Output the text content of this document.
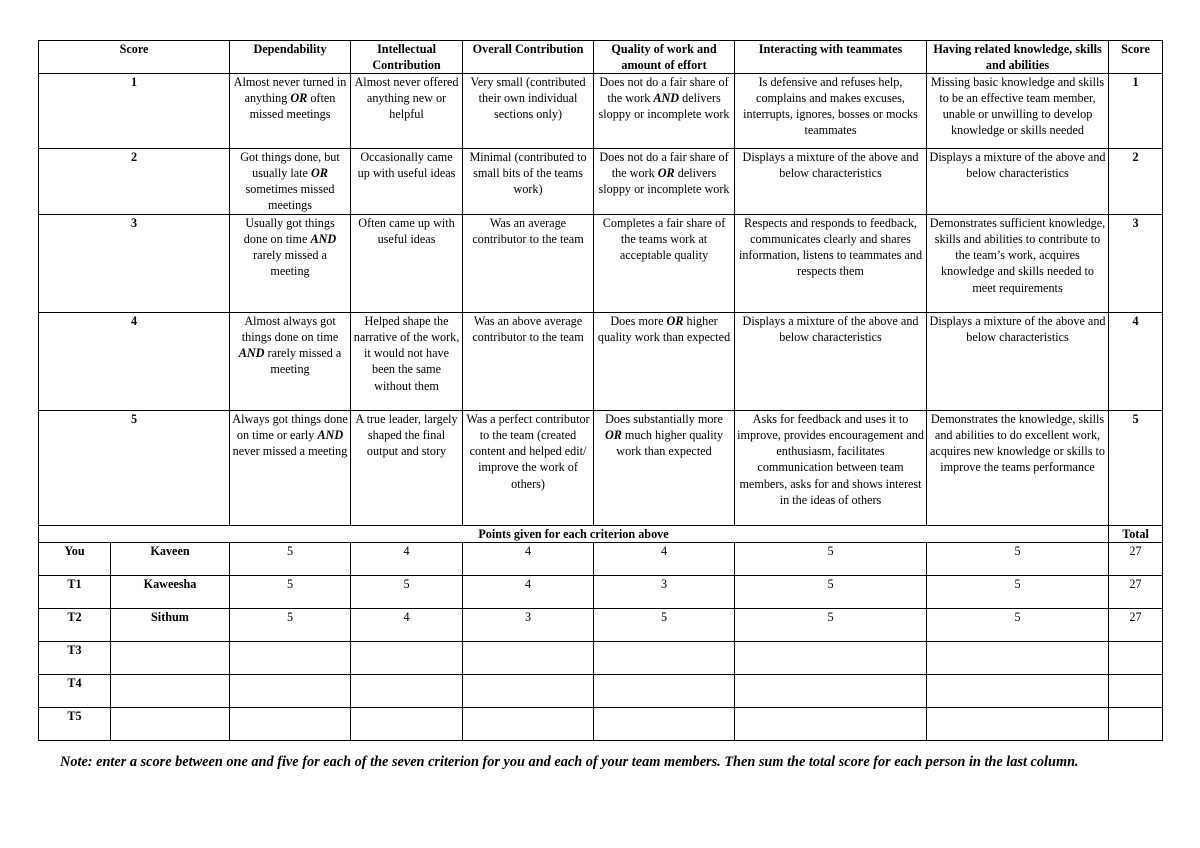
Score		Dependability	Intellectual Contribution	Overall Contribution	Quality of work and amount of effort	Interacting with teammates	Having related knowledge, skills and abilities	Score
1		Almost never turned in anything OR often missed meetings	Almost never offered anything new or helpful	Very small (contributed their own individual sections only)	Does not do a fair share of the work AND delivers sloppy or incomplete work	Is defensive and refuses help, complains and makes excuses, interrupts, ignores, bosses or mocks teammates	Missing basic knowledge and skills to be an effective team member, unable or unwilling to develop knowledge or skills needed	1
2		Got things done, but usually late OR sometimes missed meetings	Occasionally came up with useful ideas	Minimal (contributed to small bits of the teams work)	Does not do a fair share of the work OR delivers sloppy or incomplete work	Displays a mixture of the above and below characteristics	Displays a mixture of the above and below characteristics	2
3		Usually got things done on time AND rarely missed a meeting	Often came up with useful ideas	Was an average contributor to the team	Completes a fair share of the teams work at acceptable quality	Respects and responds to feedback, communicates clearly and shares information, listens to teammates and respects them	Demonstrates sufficient knowledge, skills and abilities to contribute to the team’s work, acquires knowledge and skills needed to meet requirements	3
4		Almost always got things done on time AND rarely missed a meeting	Helped shape the narrative of the work, it would not have been the same without them	Was an above average contributor to the team	Does more OR higher quality work than expected	Displays a mixture of the above and below characteristics	Displays a mixture of the above and below characteristics	4
5		Always got things done on time or early AND never missed a meeting	A true leader, largely shaped the final output and story	Was a perfect contributor to the team (created content and helped edit/ improve the work of others)	Does substantially more OR much higher quality work than expected	Asks for feedback and uses it to improve, provides encouragement and enthusiasm, facilitates communication between team members, asks for and shows interest in the ideas of others	Demonstrates the knowledge, skills and abilities to do excellent work, acquires new knowledge or skills to improve the teams performance	5
Points given for each criterion above								Total
You	Kaveen	5	4	4	4	5	5	27
T1	Kaweesha	5	5	4	3	5	5	27
T2	Sithum	5	4	3	5	5	5	27
T3								
T4								
T5								
Note: enter a score between one and five for each of the seven criterion for you and each of your team members. Then sum the total score for each person in the last column.
